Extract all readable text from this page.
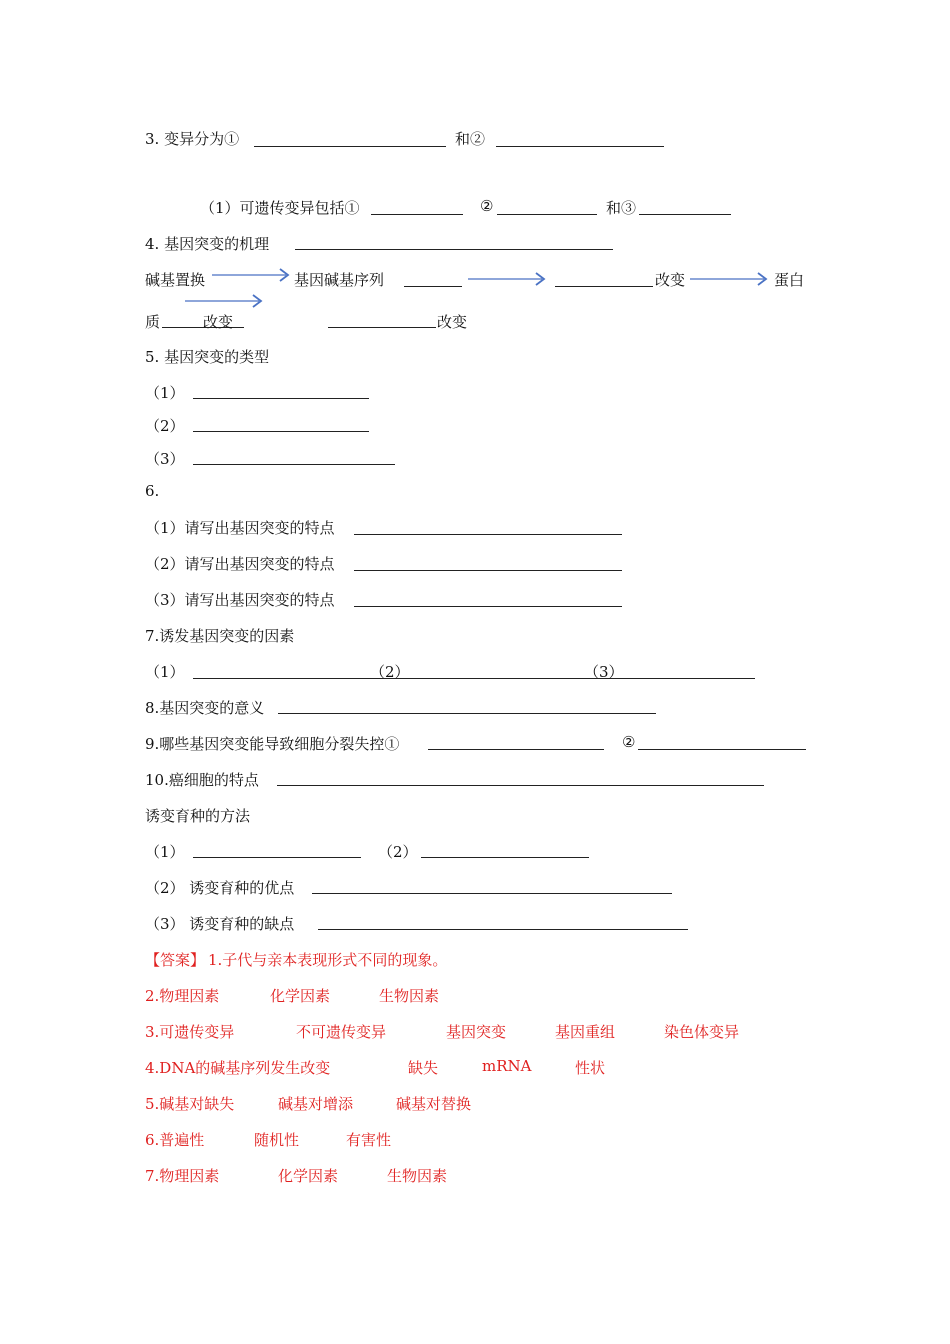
3. 变异分为①	和②
（1）可遗传变异包括①	②	和③
4. 基因突变的机理
碱基置换	基因碱基序列	改变	蛋白
质	改变	改变
5. 基因突变的类型
（1）
（2）
（3）
6.
（1）请写出基因突变的特点
（2）请写出基因突变的特点
（3）请写出基因突变的特点
7.诱发基因突变的因素
（1）	（2）	（3）
8.基因突变的意义
9.哪些基因突变能导致细胞分裂失控①	②
10.癌细胞的特点
诱变育种的方法
（1）	（2）
（2） 诱变育种的优点
（3） 诱变育种的缺点
【答案】 1.子代与亲本表现形式不同的现象。
2.物理因素	化学因素	生物因素
3.可遗传变异	不可遗传变异	基因突变	基因重组	染色体变异
4.DNA的碱基序列发生改变	缺失	mRNA	性状
5.碱基对缺失	碱基对增添	碱基对替换
6.普遍性	随机性	有害性
7.物理因素	化学因素	生物因素
